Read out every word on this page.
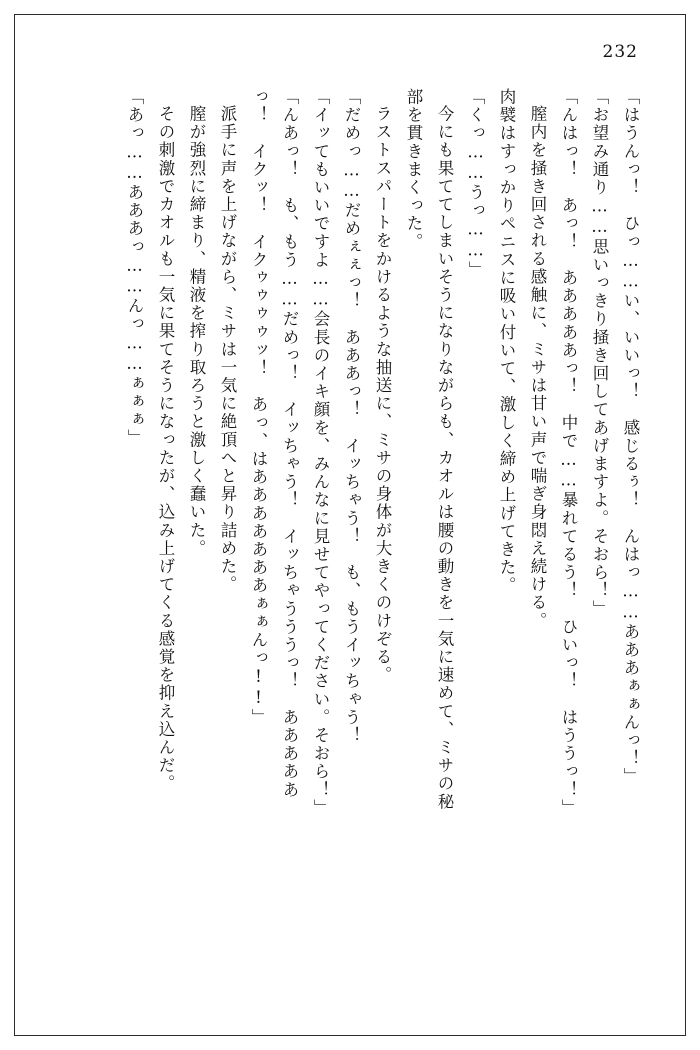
232
「はうんっ！　ひっ……い、いいっ！　感じるぅ！　んはっ……あああぁぁんっ！」
「お望み通り……思いっきり掻き回してあげますよ。そおら！」
「んはっ！　あっ！　あああああっ！　中で……暴れてるう！　ひいっ！　はううっ！」
膣内を掻き回される感触に、ミサは甘い声で喘ぎ身悶え続ける。
肉襞はすっかりペニスに吸い付いて、激しく締め上げてきた。
「くっ……うっ……」
今にも果ててしまいそうになりながらも、カオルは腰の動きを一気に速めて、ミサの秘
部を貫きまくった。
ラストスパートをかけるような抽送に、ミサの身体が大きくのけぞる。
「だめっ……だめぇぇっ！　あああっ！　イッちゃう！　も、もうイッちゃう！
「イッてもいいですよ……会長のイキ顔を、みんなに見せてやってください。そおら！」
「んあっ！　も、もう……だめっ！　イッちゃう！　イッちゃうううっ！　あああああ
っ！　イクッ！　イクゥゥゥゥッ！　あっ、はあああああああぁぁんっ!!」
派手に声を上げながら、ミサは一気に絶頂へと昇り詰めた。
膣が強烈に締まり、精液を搾り取ろうと激しく蠢いた。
その刺激でカオルも一気に果てそうになったが、込み上げてくる感覚を抑え込んだ。
「あっ……あああっ……んっ……ぁぁぁ」
